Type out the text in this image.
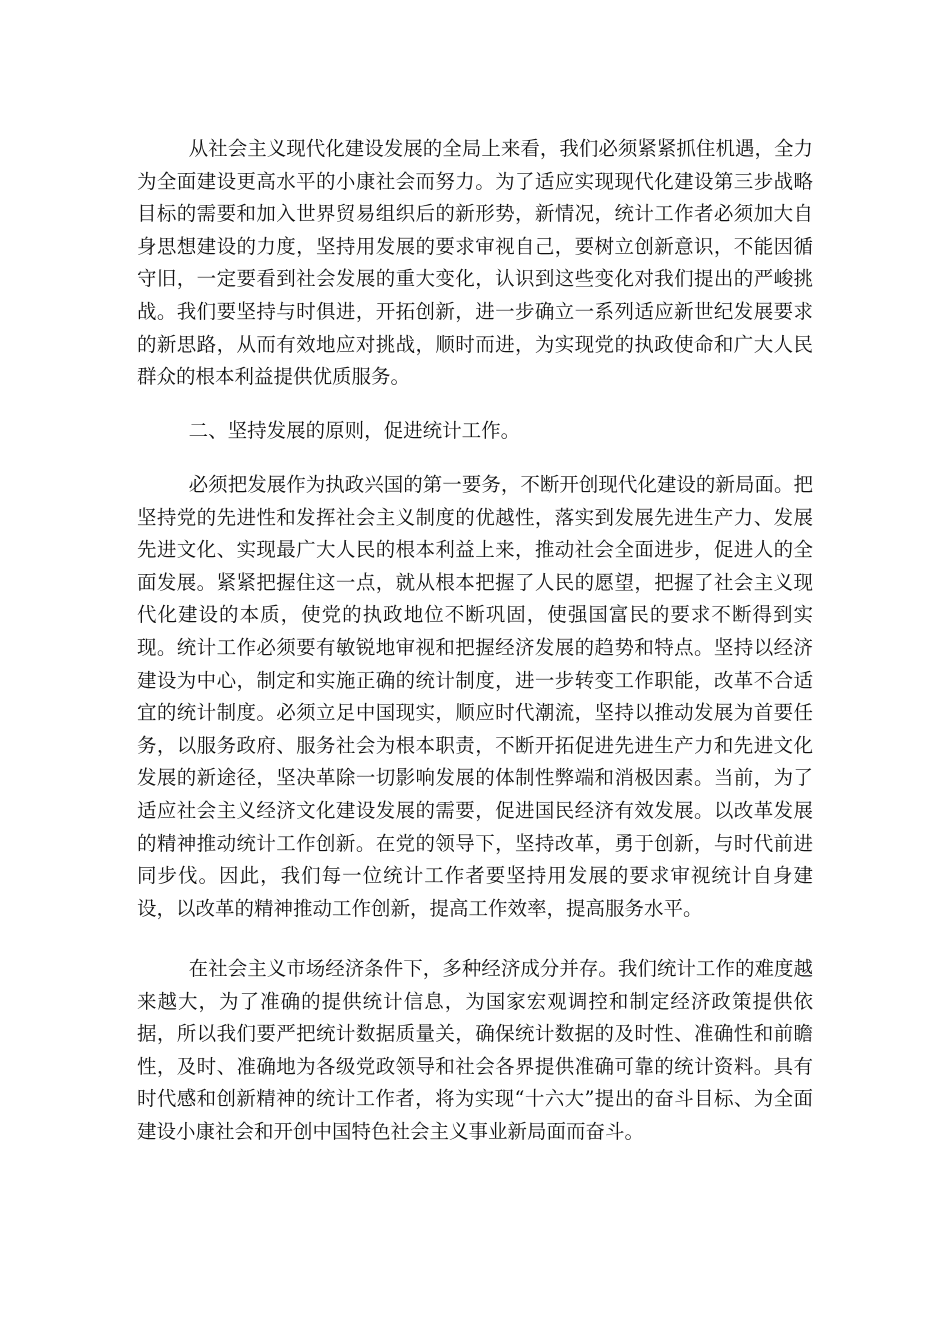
从社会主义现代化建设发展的全局上来看，我们必须紧紧抓住机遇，全力为全面建设更高水平的小康社会而努力。为了适应实现现代化建设第三步战略目标的需要和加入世界贸易组织后的新形势，新情况，统计工作者必须加大自身思想建设的力度，坚持用发展的要求审视自己，要树立创新意识，不能因循守旧，一定要看到社会发展的重大变化，认识到这些变化对我们提出的严峻挑战。我们要坚持与时俱进，开拓创新，进一步确立一系列适应新世纪发展要求的新思路，从而有效地应对挑战，顺时而进，为实现党的执政使命和广大人民群众的根本利益提供优质服务。

二、坚持发展的原则，促进统计工作。

必须把发展作为执政兴国的第一要务，不断开创现代化建设的新局面。把坚持党的先进性和发挥社会主义制度的优越性，落实到发展先进生产力、发展先进文化、实现最广大人民的根本利益上来，推动社会全面进步，促进人的全面发展。紧紧把握住这一点，就从根本把握了人民的愿望，把握了社会主义现代化建设的本质，使党的执政地位不断巩固，使强国富民的要求不断得到实现。统计工作必须要有敏锐地审视和把握经济发展的趋势和特点。坚持以经济建设为中心，制定和实施正确的统计制度，进一步转变工作职能，改革不合适宜的统计制度。必须立足中国现实，顺应时代潮流，坚持以推动发展为首要任务，以服务政府、服务社会为根本职责，不断开拓促进先进生产力和先进文化发展的新途径，坚决革除一切影响发展的体制性弊端和消极因素。当前，为了适应社会主义经济文化建设发展的需要，促进国民经济有效发展。以改革发展的精神推动统计工作创新。在党的领导下，坚持改革，勇于创新，与时代前进同步伐。因此，我们每一位统计工作者要坚持用发展的要求审视统计自身建设，以改革的精神推动工作创新，提高工作效率，提高服务水平。

在社会主义市场经济条件下，多种经济成分并存。我们统计工作的难度越来越大，为了准确的提供统计信息，为国家宏观调控和制定经济政策提供依据，所以我们要严把统计数据质量关，确保统计数据的及时性、准确性和前瞻性，及时、准确地为各级党政领导和社会各界提供准确可靠的统计资料。具有时代感和创新精神的统计工作者，将为实现“十六大”提出的奋斗目标、为全面建设小康社会和开创中国特色社会主义事业新局面而奋斗。
